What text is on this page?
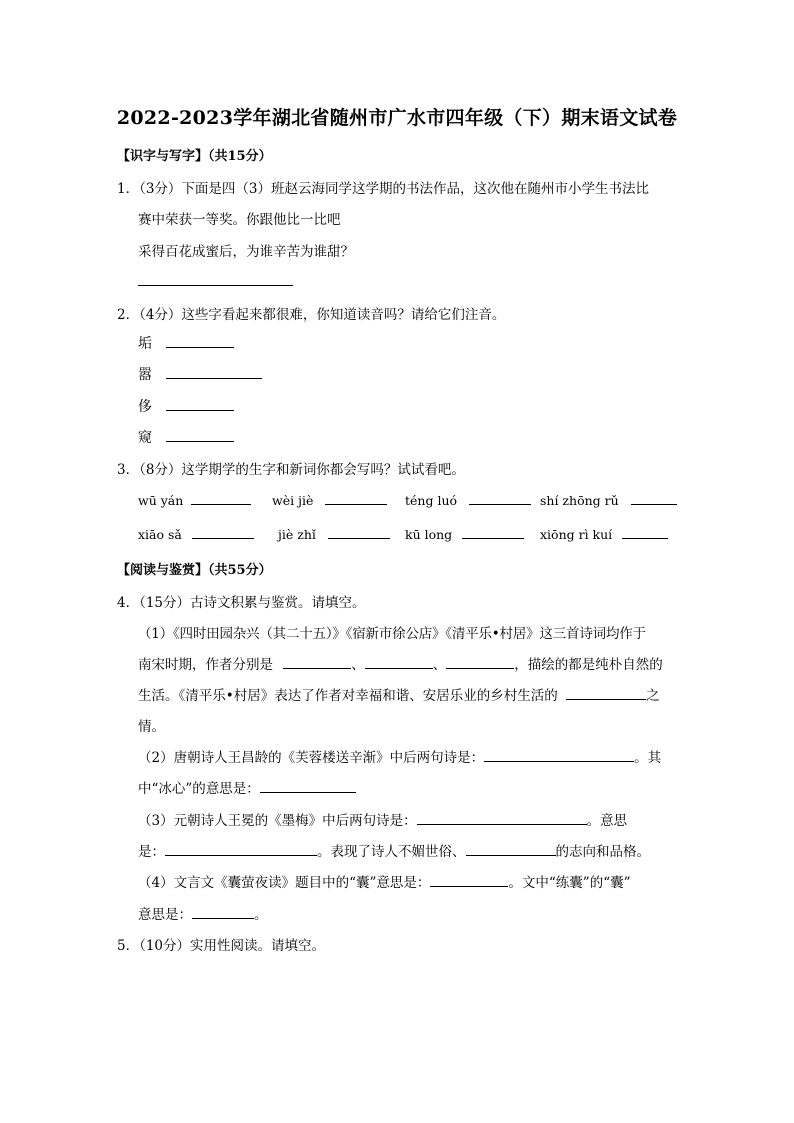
2022-2023学年湖北省随州市广水市四年级（下）期末语文试卷
【识字与写字】（共15分）
1．（3分）下面是四（3）班赵云海同学这学期的书法作品，这次他在随州市小学生书法比
赛中荣获一等奖。你跟他比一比吧
采得百花成蜜后，为谁辛苦为谁甜？
2．（4分）这些字看起来都很难，你知道读音吗？请给它们注音。
垢
嚣
侈
窥
3．（8分）这学期学的生字和新词你都会写吗？试试看吧。
wū yán	wèi jiè	téng luó	shí zhōng rǔ
xiāo sǎ	jiè zhǐ	kū long	xiōng rì kuí
【阅读与鉴赏】（共55分）
4．（15分）古诗文积累与鉴赏。请填空。
（1）《四时田园杂兴（其二十五）》《宿新市徐公店》《清平乐•村居》这三首诗词均作于
南宋时期，作者分别是	、	、	，描绘的都是纯朴自然的
生活。《清平乐•村居》表达了作者对幸福和谐、安居乐业的乡村生活的	之
情。
（2）唐朝诗人王昌龄的《芙蓉楼送辛渐》中后两句诗是：	。其
中“冰心”的意思是：
（3）元朝诗人王冕的《墨梅》中后两句诗是：	。意思
是：	。表现了诗人不媚世俗、	的志向和品格。
（4）文言文《囊萤夜读》题目中的“囊”意思是：	。文中“练囊”的“囊”
意思是：	。
5．（10分）实用性阅读。请填空。
